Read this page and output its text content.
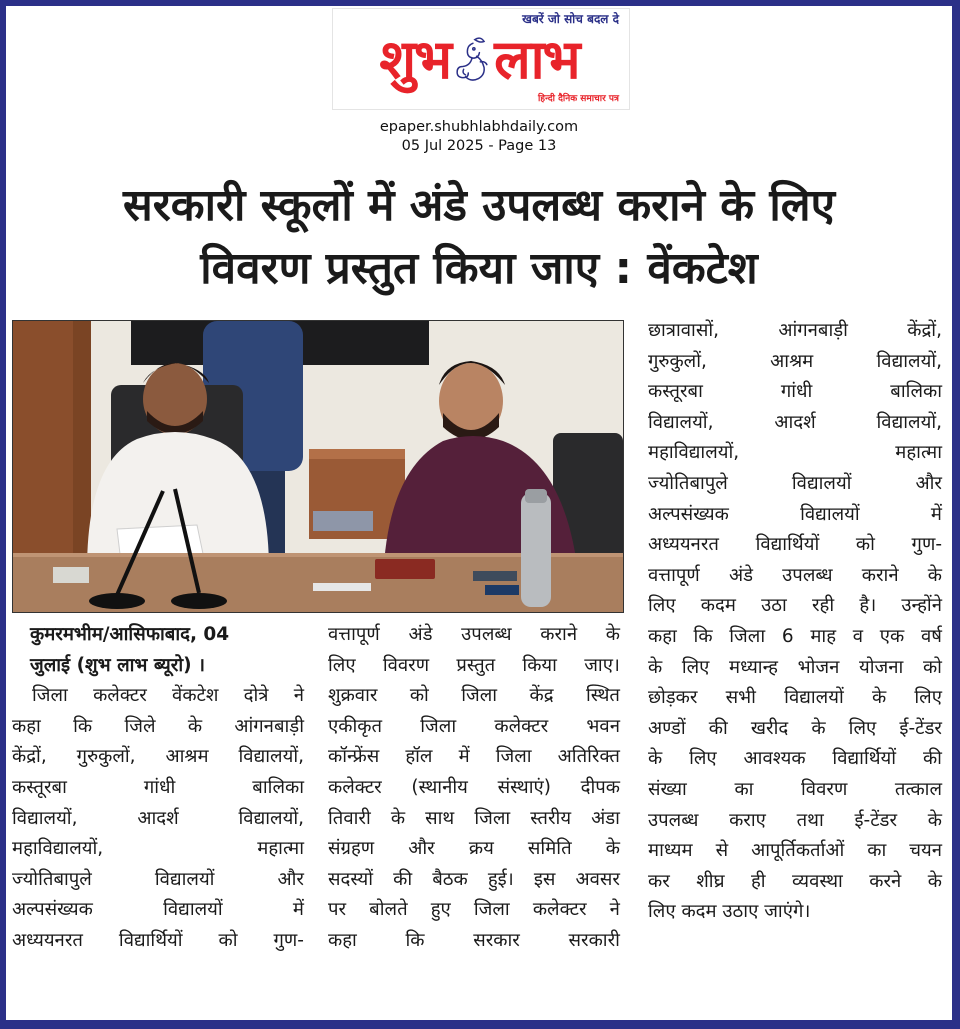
खबरें जो सोच बदल दे
शुभ लाभ
हिन्दी दैनिक समाचार पत्र
epaper.shubhlabhdaily.com
05 Jul 2025 - Page 13
सरकारी स्कूलों में अंडे उपलब्ध कराने के लिए
विवरण प्रस्तुत किया जाए : वेंकटेश
कुमरमभीम/आसिफाबाद, 04
जुलाई (शुभ लाभ ब्यूरो) ।
जिला कलेक्टर वेंकटेश दोत्रे ने
कहा कि जिले के आंगनबाड़ी
केंद्रों, गुरुकुलों, आश्रम विद्यालयों,
कस्तूरबा	गांधी	बालिका
विद्यालयों,	आदर्श	विद्यालयों,
महाविद्यालयों,	महात्मा
ज्योतिबापुले	विद्यालयों	और
अल्पसंख्यक	विद्यालयों	में
अध्ययनरत विद्यार्थियों को गुण-
वत्तापूर्ण अंडे उपलब्ध कराने के
लिए विवरण प्रस्तुत किया जाए।
शुक्रवार को जिला केंद्र स्थित
एकीकृत जिला कलेक्टर भवन
कॉन्फ्रेंस हॉल में जिला अतिरिक्त
कलेक्टर (स्थानीय संस्थाएं) दीपक
तिवारी के साथ जिला स्तरीय अंडा
संग्रहण और क्रय समिति के
सदस्यों की बैठक हुई। इस अवसर
पर बोलते हुए जिला कलेक्टर ने
कहा	कि	सरकार	सरकारी
छात्रावासों,	आंगनबाड़ी	केंद्रों,
गुरुकुलों,	आश्रम	विद्यालयों,
कस्तूरबा	गांधी	बालिका
विद्यालयों,	आदर्श	विद्यालयों,
महाविद्यालयों,	महात्मा
ज्योतिबापुले	विद्यालयों	और
अल्पसंख्यक	विद्यालयों	में
अध्ययनरत विद्यार्थियों को गुण-
वत्तापूर्ण अंडे उपलब्ध कराने के
लिए कदम उठा रही है। उन्होंने
कहा कि जिला 6 माह व एक वर्ष
के लिए मध्यान्ह भोजन योजना को
छोड़कर सभी विद्यालयों के लिए
अण्डों की खरीद के लिए ई-टेंडर
के लिए आवश्यक विद्यार्थियों की
संख्या	का	विवरण	तत्काल
उपलब्ध कराए तथा ई-टेंडर के
माध्यम से आपूर्तिकर्ताओं का चयन
कर शीघ्र ही व्यवस्था करने के
लिए कदम उठाए जाएंगे।
